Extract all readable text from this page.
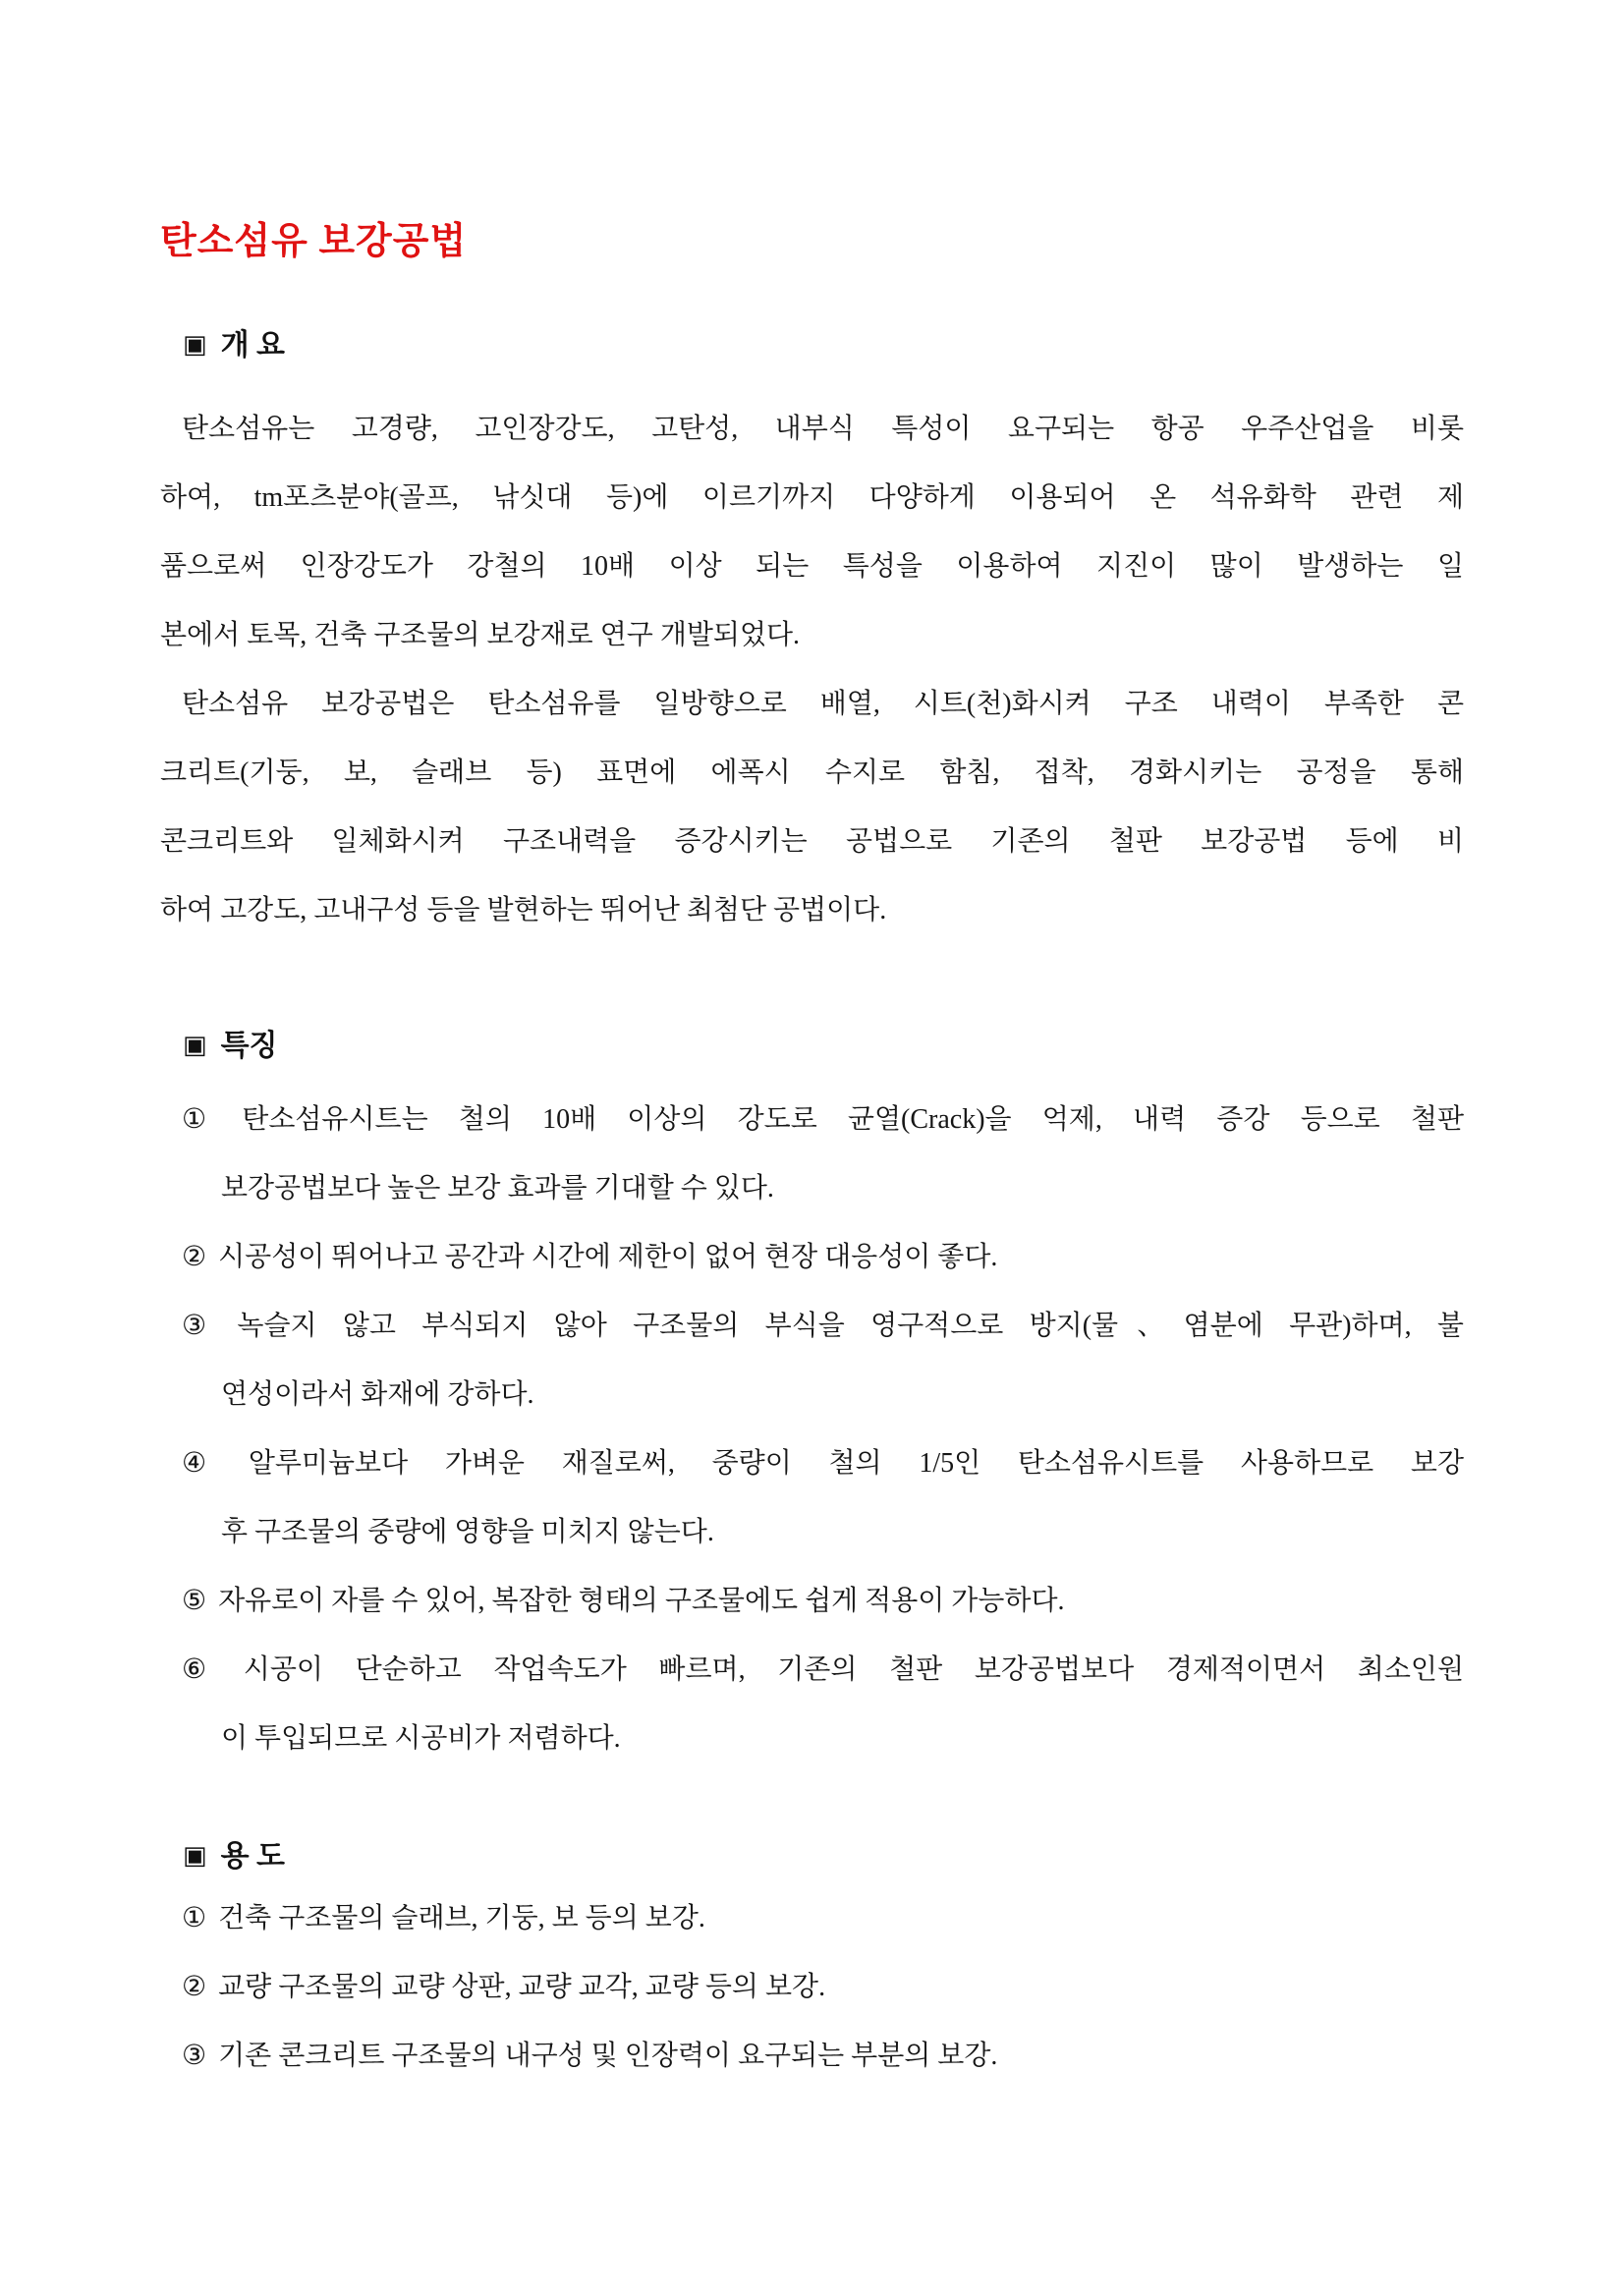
탄소섬유 보강공법
▣ 개 요
탄소섬유는 고경량, 고인장강도, 고탄성, 내부식 특성이 요구되는 항공 우주산업을 비롯
하여, tm포츠분야(골프, 낚싯대 등)에 이르기까지 다양하게 이용되어 온 석유화학 관련 제
품으로써 인장강도가 강철의 10배 이상 되는 특성을 이용하여 지진이 많이 발생하는 일
본에서 토목, 건축 구조물의 보강재로 연구 개발되었다.
탄소섬유 보강공법은 탄소섬유를 일방향으로 배열, 시트(천)화시켜 구조 내력이 부족한 콘
크리트(기둥, 보, 슬래브 등) 표면에 에폭시 수지로 함침, 접착, 경화시키는 공정을 통해
콘크리트와 일체화시켜 구조내력을 증강시키는 공법으로 기존의 철판 보강공법 등에 비
하여 고강도, 고내구성 등을 발현하는 뛰어난 최첨단 공법이다.
▣ 특징
① 탄소섬유시트는 철의 10배 이상의 강도로 균열(Crack)을 억제, 내력 증강 등으로 철판
보강공법보다 높은 보강 효과를 기대할 수 있다.
② 시공성이 뛰어나고 공간과 시간에 제한이 없어 현장 대응성이 좋다.
③ 녹슬지 않고 부식되지 않아 구조물의 부식을 영구적으로 방지(물、염분에 무관)하며, 불
연성이라서 화재에 강하다.
④ 알루미늄보다 가벼운 재질로써, 중량이 철의 1/5인 탄소섬유시트를 사용하므로 보강
후 구조물의 중량에 영향을 미치지 않는다.
⑤ 자유로이 자를 수 있어, 복잡한 형태의 구조물에도 쉽게 적용이 가능하다.
⑥ 시공이 단순하고 작업속도가 빠르며, 기존의 철판 보강공법보다 경제적이면서 최소인원
이 투입되므로 시공비가 저렴하다.
▣ 용 도
① 건축 구조물의 슬래브, 기둥, 보 등의 보강.
② 교량 구조물의 교량 상판, 교량 교각, 교량 등의 보강.
③ 기존 콘크리트 구조물의 내구성 및 인장력이 요구되는 부분의 보강.
